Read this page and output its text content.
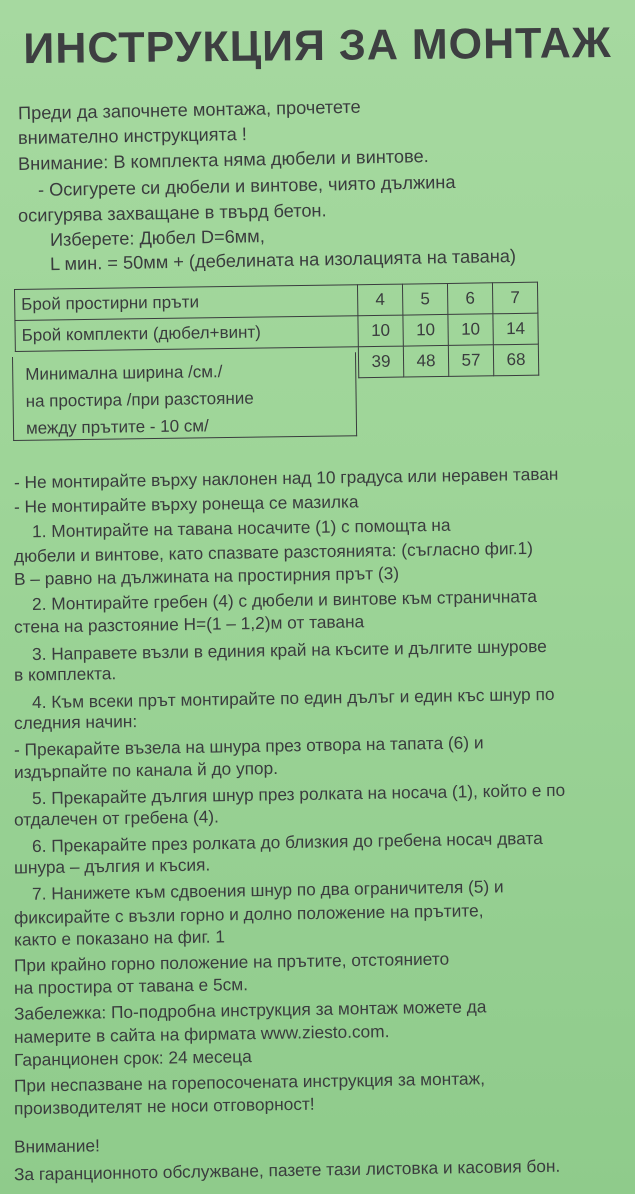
ИНСТРУКЦИЯ ЗА МОНТАЖ
Преди да започнете монтажа, прочетете
внимателно инструкцията !
Внимание: В комплекта няма дюбели и винтове.
- Осигурете си дюбели и винтове, чиято дължина
осигурява захващане в твърд бетон.
Изберете: Дюбел D=6мм,
L мин. = 50мм + (дебелината на изолацията на тавана)
Брой простирни пръти	4	5	6	7
Брой комплекти (дюбел+винт)	10	10	10	14
	39	48	57	68
Минимална ширина /см./
на простира /при разстояние
между прътите - 10 см/
- Не монтирайте върху наклонен над 10 градуса или неравен таван
- Не монтирайте върху ронеща се мазилка
1. Монтирайте на тавана носачите (1) с помощта на
дюбели и винтове, като спазвате разстоянията: (съгласно фиг.1)
В – равно на дължината на простирния прът (3)
2. Монтирайте гребен (4) с дюбели и винтове към страничната
стена на разстояние H=(1 – 1,2)м от тавана
3. Направете възли в единия край на късите и дългите шнурове
в комплекта.
4. Към всеки прът монтирайте по един дълъг и един къс шнур по
следния начин:
- Прекарайте възела на шнура през отвора на тапата (6) и
издърпайте по канала й до упор.
5. Прекарайте дългия шнур през ролката на носача (1), който е по
отдалечен от гребена (4).
6. Прекарайте през ролката до близкия до гребена носач двата
шнура – дългия и късия.
7. Нанижете към сдвоения шнур по два ограничителя (5) и
фиксирайте с възли горно и долно положение на прътите,
както е показано на фиг. 1
При крайно горно положение на прътите, отстоянието
на простира от тавана е 5см.
Забележка: По-подробна инструкция за монтаж можете да
намерите в сайта на фирмата www.ziesto.com.
Гаранционен срок: 24 месеца
При неспазване на горепосочената инструкция за монтаж,
производителят не носи отговорност!
Внимание!
За гаранционното обслужване, пазете тази листовка и касовия бон.
